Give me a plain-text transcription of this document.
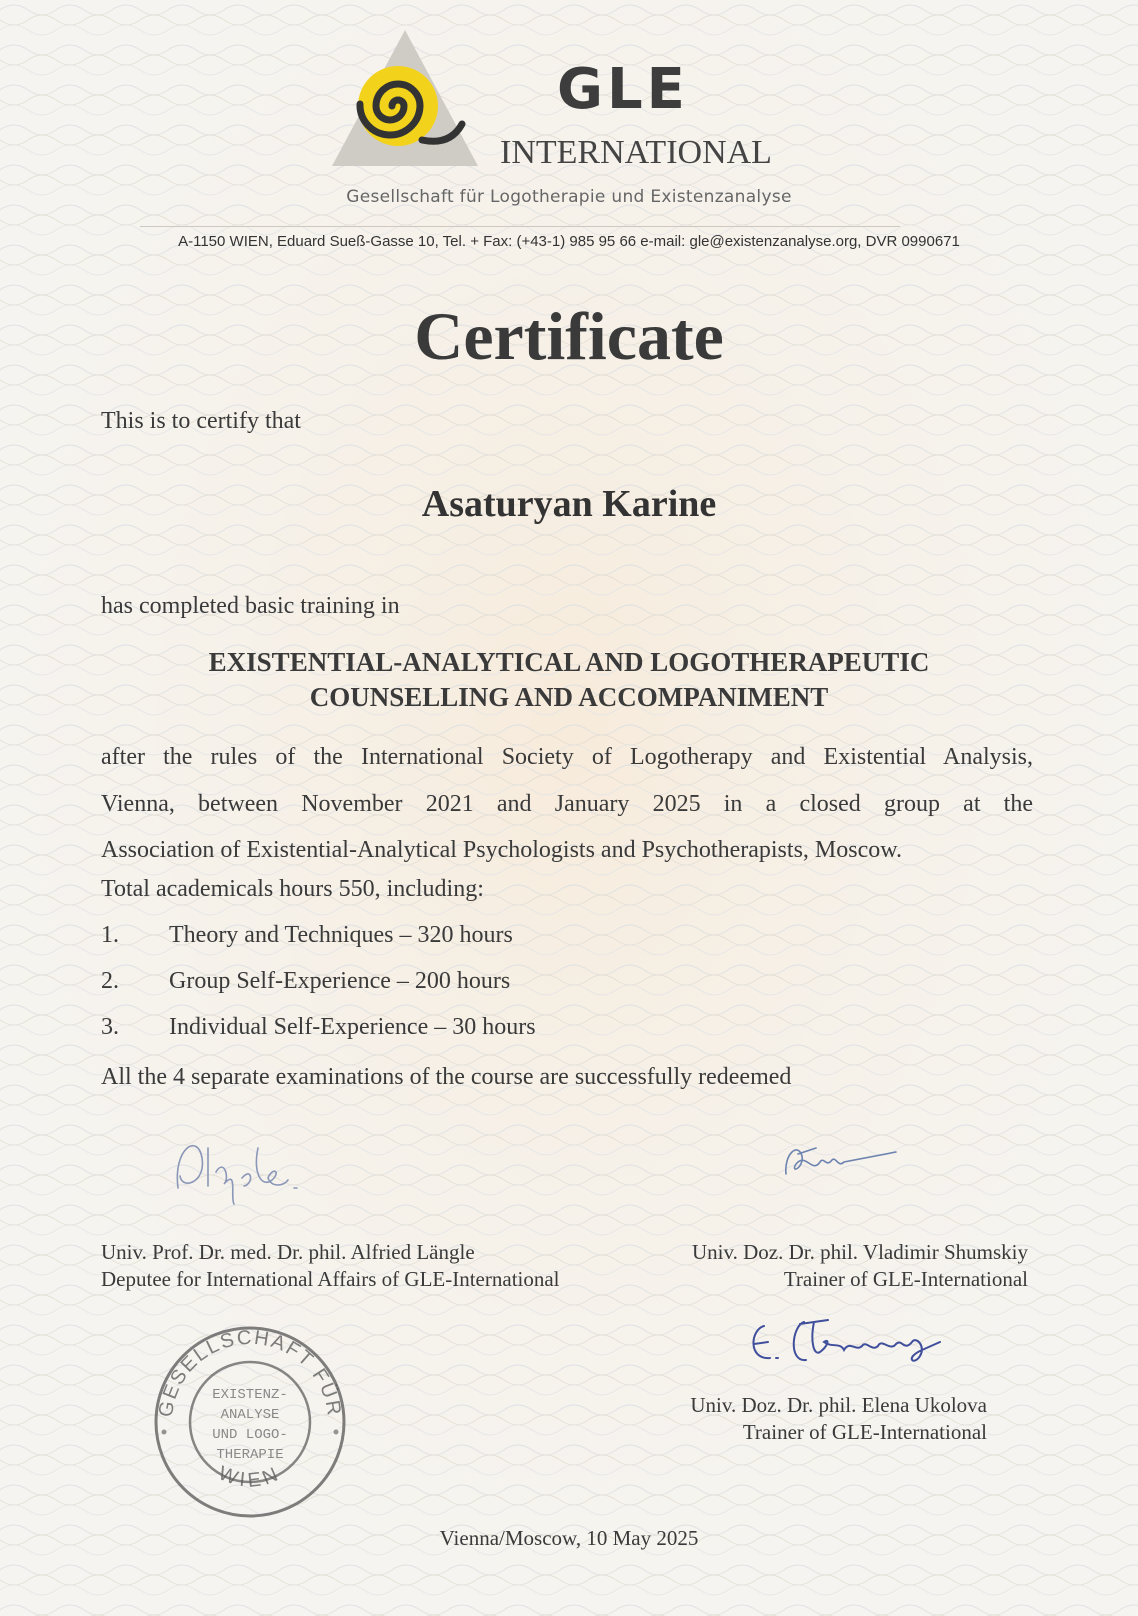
GLE
INTERNATIONAL
Gesellschaft für Logotherapie und Existenzanalyse
A-1150 WIEN, Eduard Sueß-Gasse 10, Tel. + Fax: (+43-1) 985 95 66 e-mail: gle@existenzanalyse.org, DVR 0990671
Certificate
This is to certify that
Asaturyan Karine
has completed basic training in
EXISTENTIAL-ANALYTICAL AND LOGOTHERAPEUTIC
COUNSELLING AND ACCOMPANIMENT
after the rules of the International Society of Logotherapy and Existential Analysis,
Vienna, between November 2021 and January 2025 in a closed group at the
Association of Existential-Analytical Psychologists and Psychotherapists, Moscow.
Total academicals hours 550, including:
1. Theory and Techniques – 320 hours
2. Group Self-Experience – 200 hours
3. Individual Self-Experience – 30 hours
All the 4 separate examinations of the course are successfully redeemed
Univ. Prof. Dr. med. Dr. phil. Alfried Längle
Deputee for International Affairs of GLE-International
Univ. Doz. Dr. phil. Vladimir Shumskiy
Trainer of GLE-International
Univ. Doz. Dr. phil. Elena Ukolova
Trainer of GLE-International
GESELLSCHAFT FÜR
WIEN
EXISTENZ-
ANALYSE
UND LOGO-
THERAPIE
Vienna/Moscow, 10 May 2025
